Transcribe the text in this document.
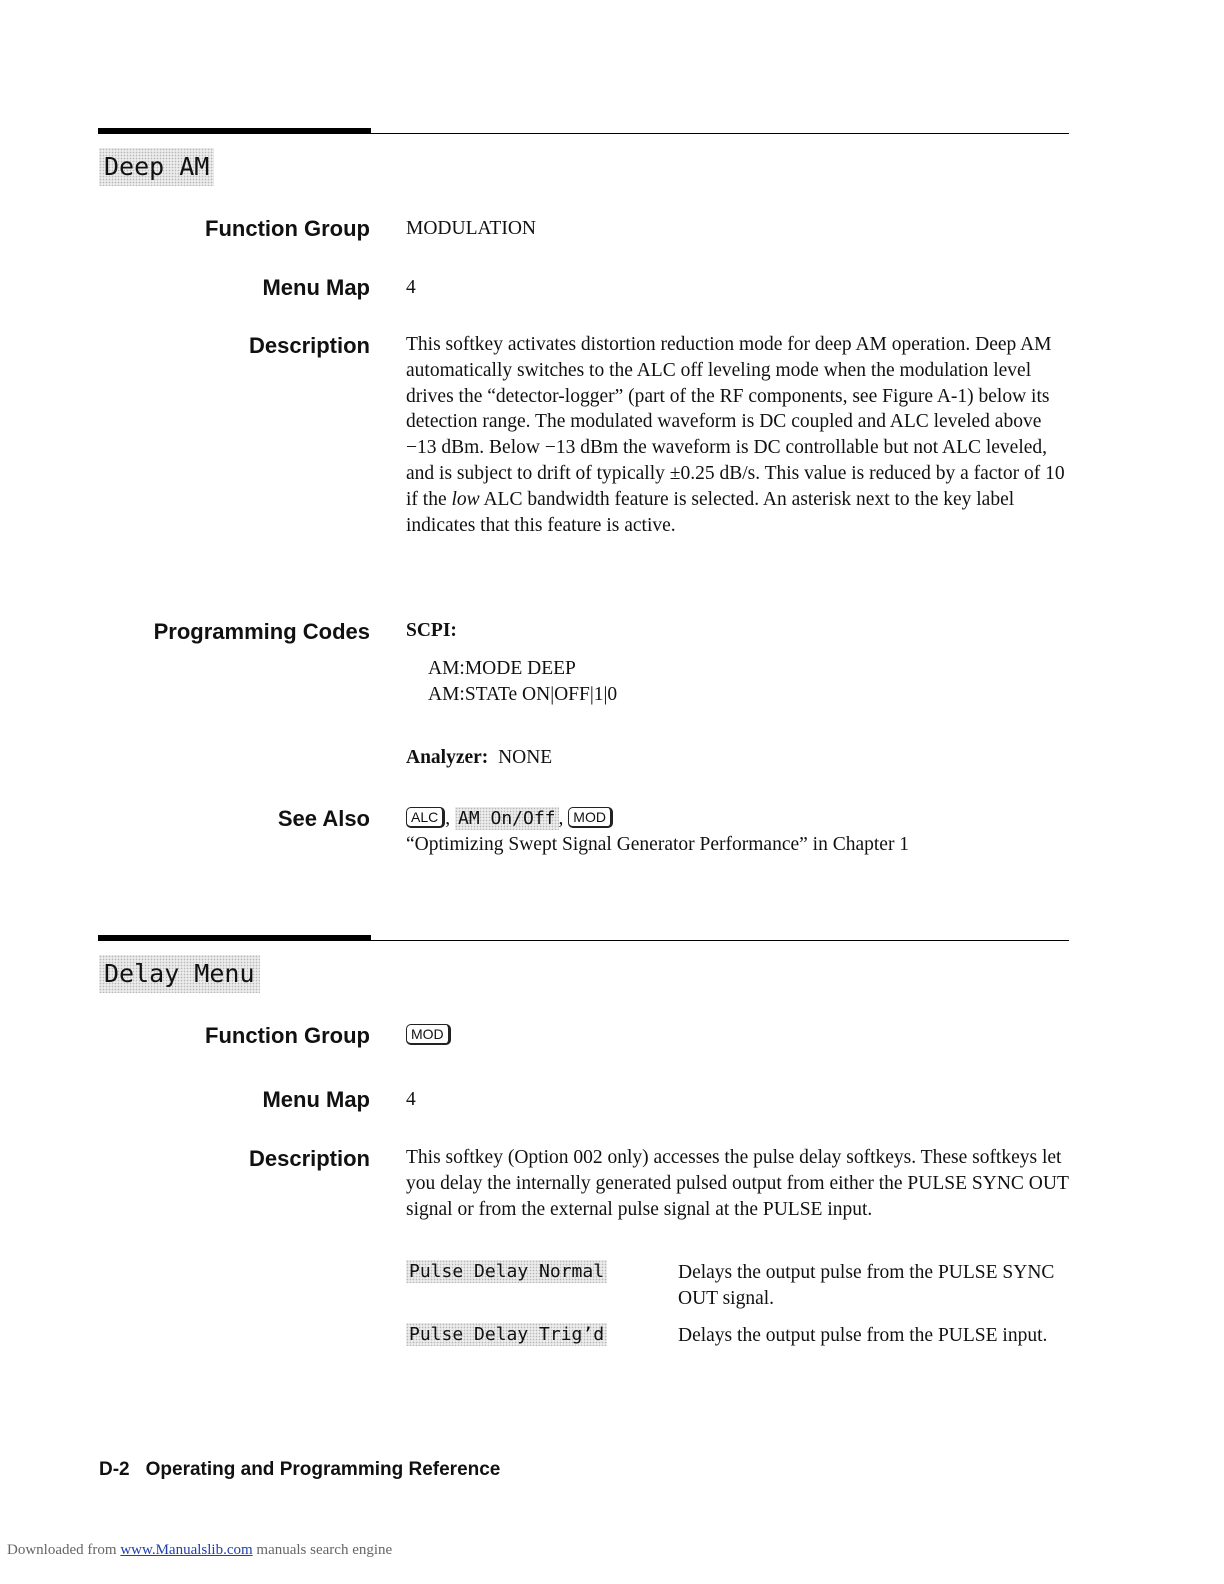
Deep AM
Function Group MODULATION
Menu Map 4
Description This softkey activates distortion reduction mode for deep AM operation. Deep AM automatically switches to the ALC off leveling mode when the modulation level drives the “detector-logger” (part of the RF components, see Figure A-1) below its detection range. The modulated waveform is DC coupled and ALC leveled above −13 dBm. Below −13 dBm the waveform is DC controllable but not ALC leveled, and is subject to drift of typically ±0.25 dB/s. This value is reduced by a factor of 10 if the low ALC bandwidth feature is selected. An asterisk next to the key label indicates that this feature is active.

Programming Codes SCPI:
AM:MODE DEEP
AM:STATe ON|OFF|1|0
Analyzer: NONE
See Also	ALC , AM On/Off , MOD
“Optimizing Swept Signal Generator Performance” in Chapter 1
Delay Menu
Function Group	MOD
Menu Map 4
Description This softkey (Option 002 only) accesses the pulse delay softkeys. These softkeys let you delay the internally generated pulsed output from either the PULSE SYNC OUT signal or from the external pulse signal at the PULSE input.
Pulse Delay Normal	Delays the output pulse from the PULSE SYNC OUT signal.
Pulse Delay Trig’d	Delays the output pulse from the PULSE input.
D-2 Operating and Programming Reference
Downloaded from www.Manualslib.com manuals search engine
